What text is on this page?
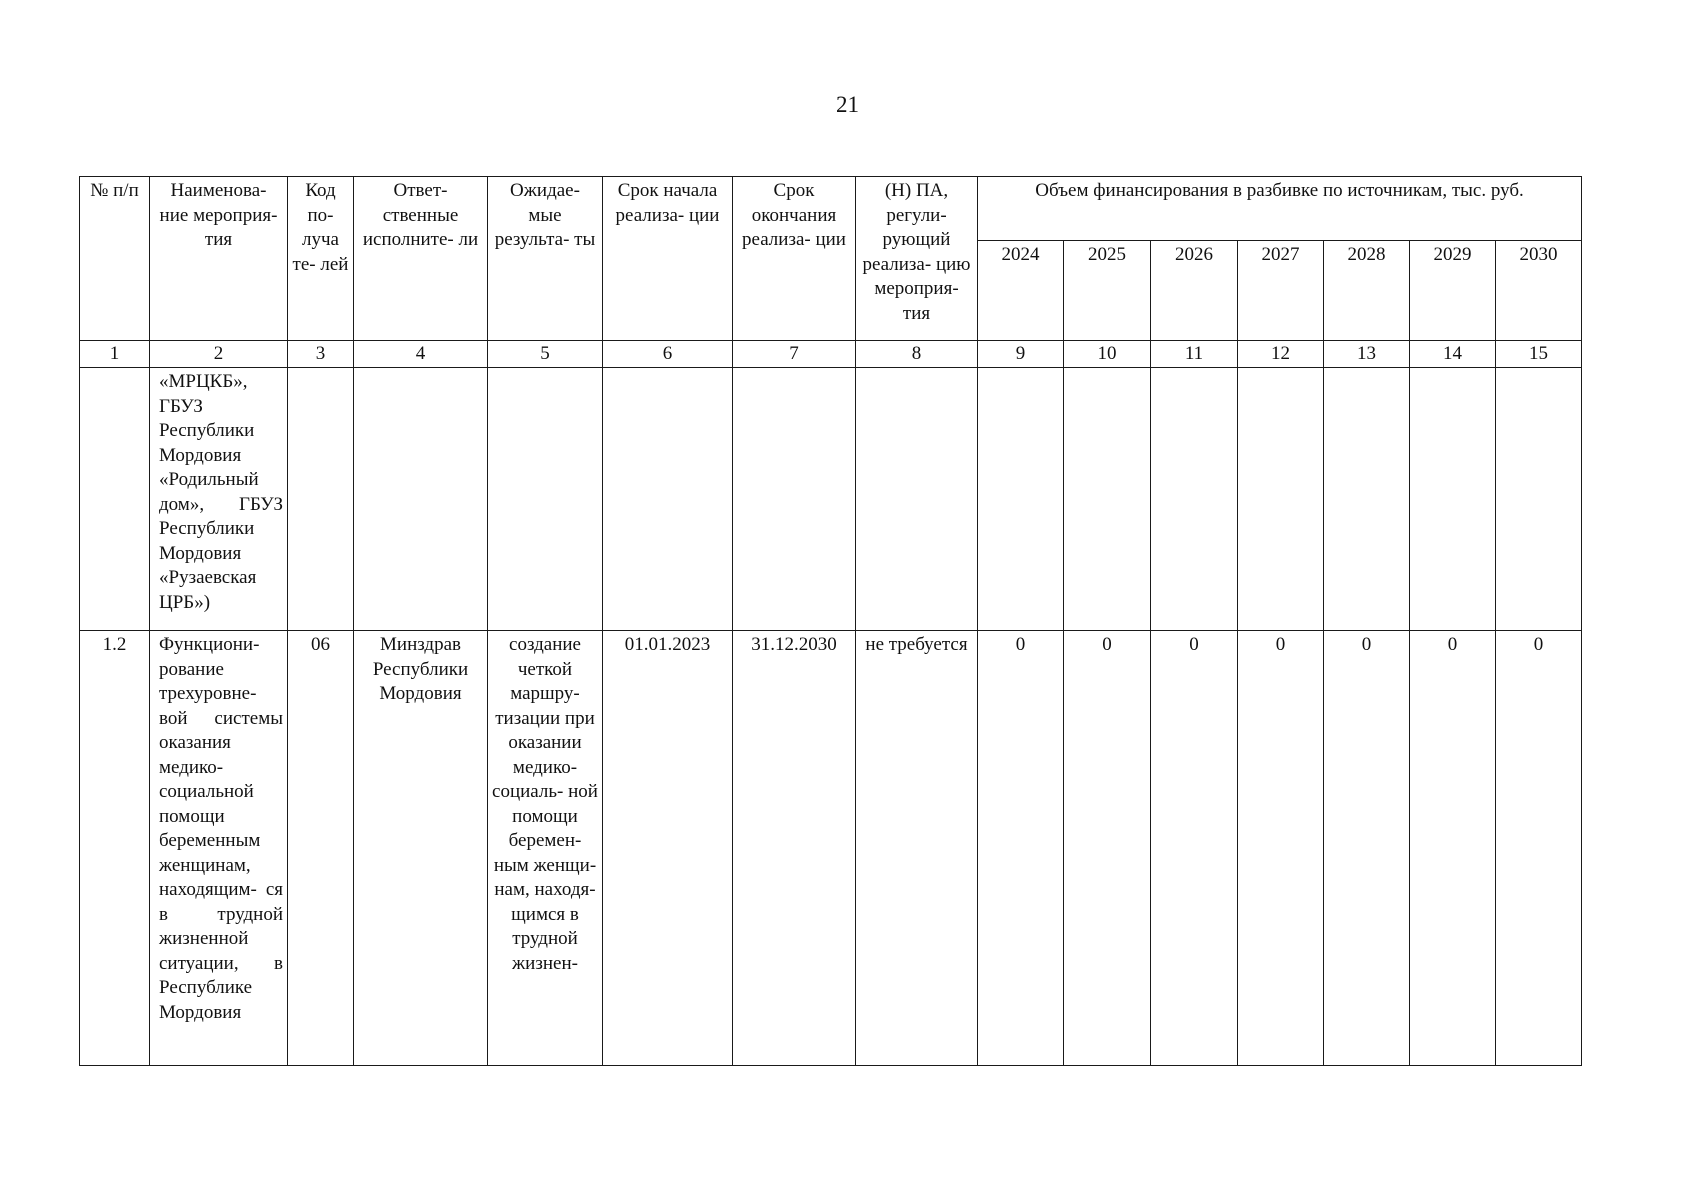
21
№ п/п	Наименова- ние мероприя- тия	Код по- луча те- лей	Ответ- ственные исполните- ли	Ожидае- мые результа- ты	Срок начала реализа- ции	Срок окончания реализа- ции	(Н) ПА, регули- рующий реализа- цию мероприя- тия	Объем финансирования в разбивке по источникам, тыс. руб.						
								2024	2025	2026	2027	2028	2029	2030
1	2	3	4	5	6	7	8	9	10	11	12	13	14	15
	«МРЦКБ», ГБУЗ Республики Мордовия «Родильный дом», ГБУЗ Республики Мордовия «Рузаевская ЦРБ»)													
1.2	Функциони- рование трехуровне- вой системы оказания медико- социальной помощи беременным женщинам, находящим- ся в трудной жизненной ситуации, в Республике Мордовия	06	Минздрав Республики Мордовия	создание четкой маршру- тизации при оказании медико- социаль- ной помощи беремен- ным женщи- нам, находя- щимся в трудной жизнен-	01.01.2023	31.12.2030	не требуется	0	0	0	0	0	0	0
